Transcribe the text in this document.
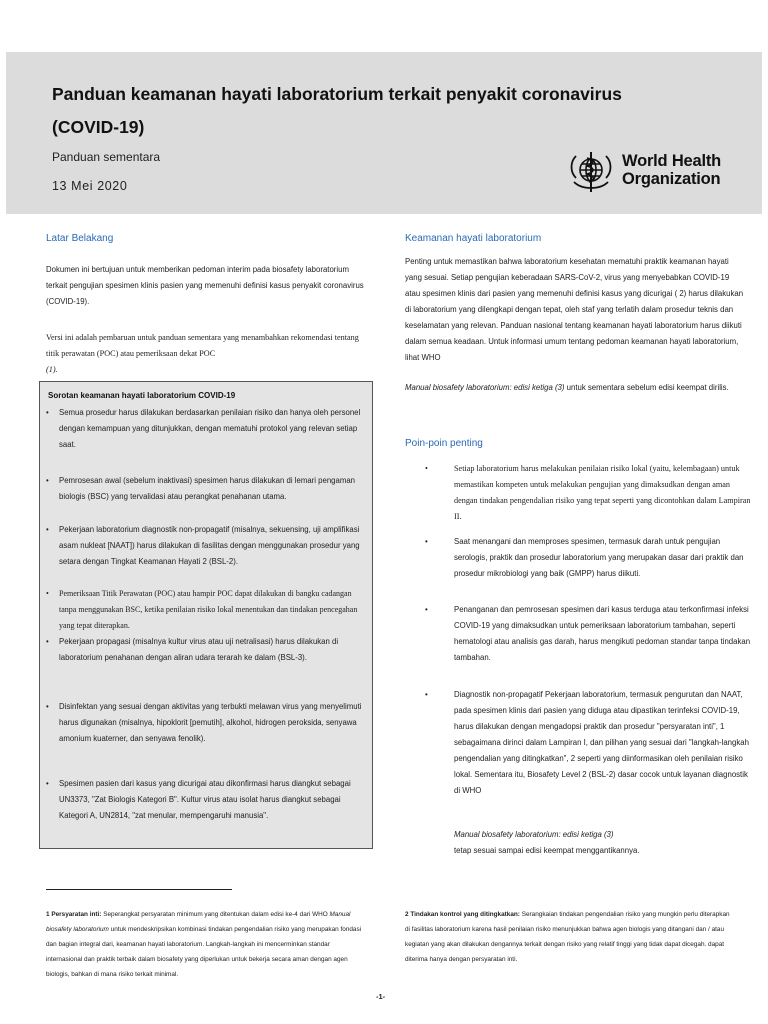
Panduan keamanan hayati laboratorium terkait penyakit coronavirus (COVID-19)
Panduan sementara
13 Mei 2020
World Health
Organization
Latar Belakang
Dokumen ini bertujuan untuk memberikan pedoman interim pada biosafety laboratorium terkait pengujian spesimen klinis pasien yang memenuhi definisi kasus penyakit coronavirus (COVID-19).
Versi ini adalah pembaruan untuk panduan sementara yang menambahkan rekomendasi tentang titik perawatan (POC) atau pemeriksaan dekat POC
(1).
Sorotan keamanan hayati laboratorium COVID-19
•	Semua prosedur harus dilakukan berdasarkan penilaian risiko dan hanya oleh personel dengan kemampuan yang ditunjukkan, dengan mematuhi protokol yang relevan setiap saat.
•	Pemrosesan awal (sebelum inaktivasi) spesimen harus dilakukan di lemari pengaman biologis (BSC) yang tervalidasi atau perangkat penahanan utama.
•	Pekerjaan laboratorium diagnostik non-propagatif (misalnya, sekuensing, uji amplifikasi asam nukleat [NAAT]) harus dilakukan di fasilitas dengan menggunakan prosedur yang setara dengan Tingkat Keamanan Hayati 2 (BSL-2).
•	Pemeriksaan Titik Perawatan (POC) atau hampir POC dapat dilakukan di bangku cadangan tanpa menggunakan BSC, ketika penilaian risiko lokal menentukan dan tindakan pencegahan yang tepat diterapkan.
•	Pekerjaan propagasi (misalnya kultur virus atau uji netralisasi) harus dilakukan di laboratorium penahanan dengan aliran udara terarah ke dalam (BSL-3).
•	Disinfektan yang sesuai dengan aktivitas yang terbukti melawan virus yang menyelimuti harus digunakan (misalnya, hipoklorit [pemutih], alkohol, hidrogen peroksida, senyawa amonium kuaterner, dan senyawa fenolik).
•	Spesimen pasien dari kasus yang dicurigai atau dikonfirmasi harus diangkut sebagai UN3373, "Zat Biologis Kategori B". Kultur virus atau isolat harus diangkut sebagai Kategori A, UN2814, "zat menular, mempengaruhi manusia".
Keamanan hayati laboratorium
Penting untuk memastikan bahwa laboratorium kesehatan mematuhi praktik keamanan hayati yang sesuai. Setiap pengujian keberadaan SARS-CoV-2, virus yang menyebabkan COVID-19 atau spesimen klinis dari pasien yang memenuhi definisi kasus yang dicurigai ( 2) harus dilakukan di laboratorium yang dilengkapi dengan tepat, oleh staf yang terlatih dalam prosedur teknis dan keselamatan yang relevan. Panduan nasional tentang keamanan hayati laboratorium harus diikuti dalam semua keadaan. Untuk informasi umum tentang pedoman keamanan hayati laboratorium, lihat WHO
Manual biosafety laboratorium: edisi ketiga (3) untuk sementara sebelum edisi keempat dirilis.
Poin-poin penting
•	Setiap laboratorium harus melakukan penilaian risiko lokal (yaitu, kelembagaan) untuk memastikan kompeten untuk melakukan pengujian yang dimaksudkan dengan aman dengan tindakan pengendalian risiko yang tepat seperti yang dicontohkan dalam Lampiran II.
•	Saat menangani dan memproses spesimen, termasuk darah untuk pengujian serologis, praktik dan prosedur laboratorium yang merupakan dasar dari praktik dan prosedur mikrobiologi yang baik (GMPP) harus diikuti.
•	Penanganan dan pemrosesan spesimen dari kasus terduga atau terkonfirmasi infeksi COVID-19 yang dimaksudkan untuk pemeriksaan laboratorium tambahan, seperti hematologi atau analisis gas darah, harus mengikuti pedoman standar tanpa tindakan tambahan.
•	Diagnostik non-propagatif Pekerjaan laboratorium, termasuk pengurutan dan NAAT, pada spesimen klinis dari pasien yang diduga atau dipastikan terinfeksi COVID-19, harus dilakukan dengan mengadopsi praktik dan prosedur "persyaratan inti", 1 sebagaimana dirinci dalam Lampiran I, dan pilihan yang sesuai dari "langkah-langkah pengendalian yang ditingkatkan", 2 seperti yang diinformasikan oleh penilaian risiko lokal. Sementara itu, Biosafety Level 2 (BSL-2) dasar cocok untuk layanan diagnostik di WHO
Manual biosafety laboratorium: edisi ketiga (3)
tetap sesuai sampai edisi keempat menggantikannya.
1 Persyaratan inti: Seperangkat persyaratan minimum yang ditentukan dalam edisi ke-4 dari WHO Manual biosafety laboratorium untuk mendeskripsikan kombinasi tindakan pengendalian risiko yang merupakan fondasi dan bagian integral dari, keamanan hayati laboratorium. Langkah-langkah ini mencerminkan standar internasional dan praktik terbaik dalam biosafety yang diperlukan untuk bekerja secara aman dengan agen biologis, bahkan di mana risiko terkait minimal.
2 Tindakan kontrol yang ditingkatkan: Serangkaian tindakan pengendalian risiko yang mungkin perlu diterapkan di fasilitas laboratorium karena hasil penilaian risiko menunjukkan bahwa agen biologis yang ditangani dan / atau kegiatan yang akan dilakukan dengannya terkait dengan risiko yang relatif tinggi yang tidak dapat dicegah. dapat diterima hanya dengan persyaratan inti.
-1-
